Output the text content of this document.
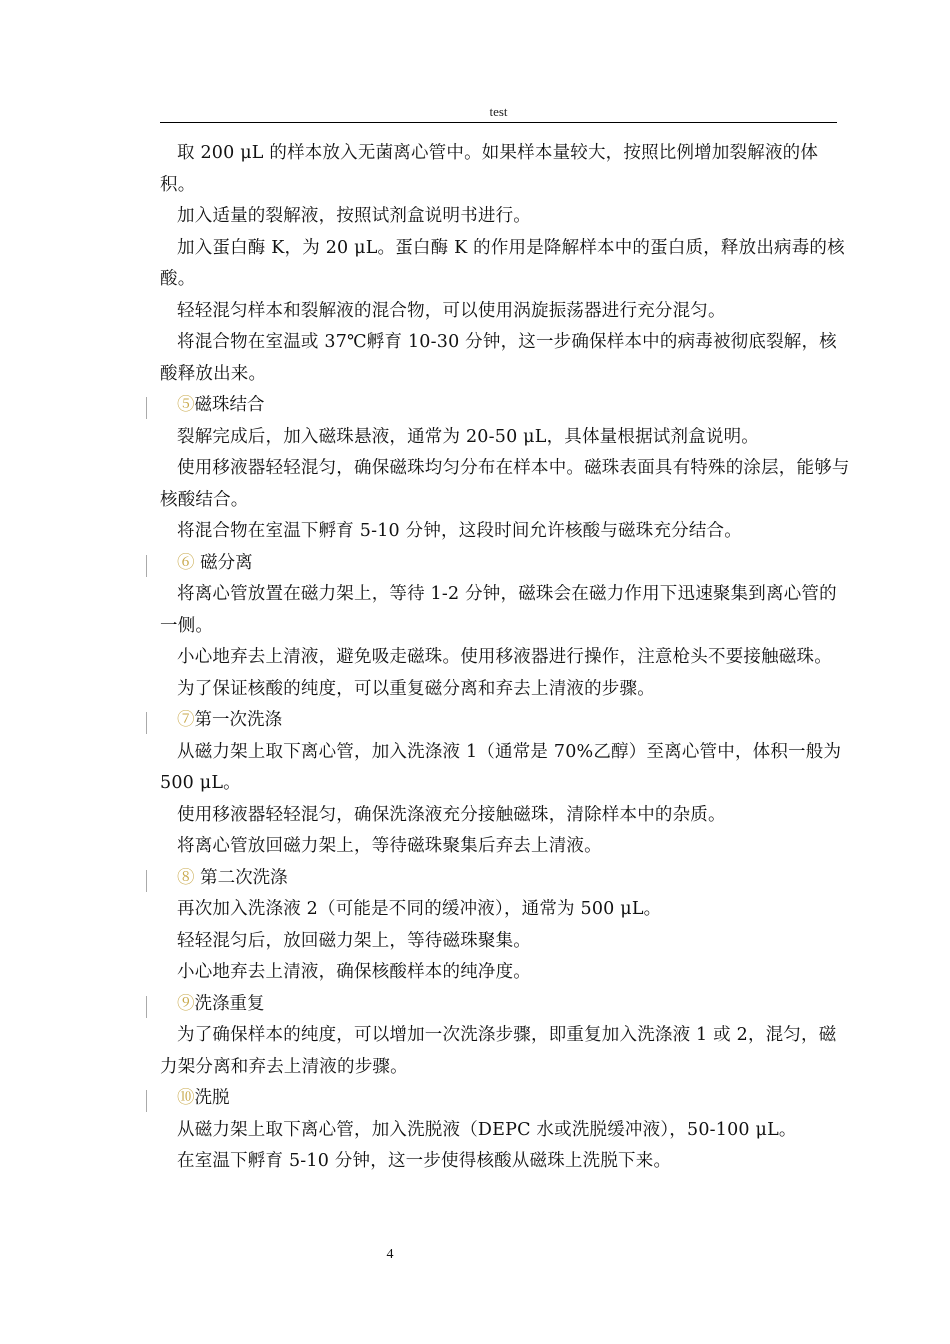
test

取 200 μL 的样本放入无菌离心管中。如果样本量较大，按照比例增加裂解液的体积。

加入适量的裂解液，按照试剂盒说明书进行。

加入蛋白酶 K，为 20 μL。蛋白酶 K 的作用是降解样本中的蛋白质，释放出病毒的核酸。

轻轻混匀样本和裂解液的混合物，可以使用涡旋振荡器进行充分混匀。

将混合物在室温或 37℃孵育 10-30 分钟，这一步确保样本中的病毒被彻底裂解，核酸释放出来。

⑤磁珠结合

裂解完成后，加入磁珠悬液，通常为 20-50 μL，具体量根据试剂盒说明。

使用移液器轻轻混匀，确保磁珠均匀分布在样本中。磁珠表面具有特殊的涂层，能够与核酸结合。

将混合物在室温下孵育 5-10 分钟，这段时间允许核酸与磁珠充分结合。

⑥ 磁分离

将离心管放置在磁力架上，等待 1-2 分钟，磁珠会在磁力作用下迅速聚集到离心管的一侧。

小心地弃去上清液，避免吸走磁珠。使用移液器进行操作，注意枪头不要接触磁珠。

为了保证核酸的纯度，可以重复磁分离和弃去上清液的步骤。

⑦第一次洗涤

从磁力架上取下离心管，加入洗涤液 1（通常是 70%乙醇）至离心管中，体积一般为 500 μL。

使用移液器轻轻混匀，确保洗涤液充分接触磁珠，清除样本中的杂质。

将离心管放回磁力架上，等待磁珠聚集后弃去上清液。

⑧ 第二次洗涤

再次加入洗涤液 2（可能是不同的缓冲液），通常为 500 μL。

轻轻混匀后，放回磁力架上，等待磁珠聚集。

小心地弃去上清液，确保核酸样本的纯净度。

⑨洗涤重复

为了确保样本的纯度，可以增加一次洗涤步骤，即重复加入洗涤液 1 或 2，混匀，磁力架分离和弃去上清液的步骤。

⑩洗脱

从磁力架上取下离心管，加入洗脱液（DEPC 水或洗脱缓冲液），50-100 μL。

在室温下孵育 5-10 分钟，这一步使得核酸从磁珠上洗脱下来。

4
